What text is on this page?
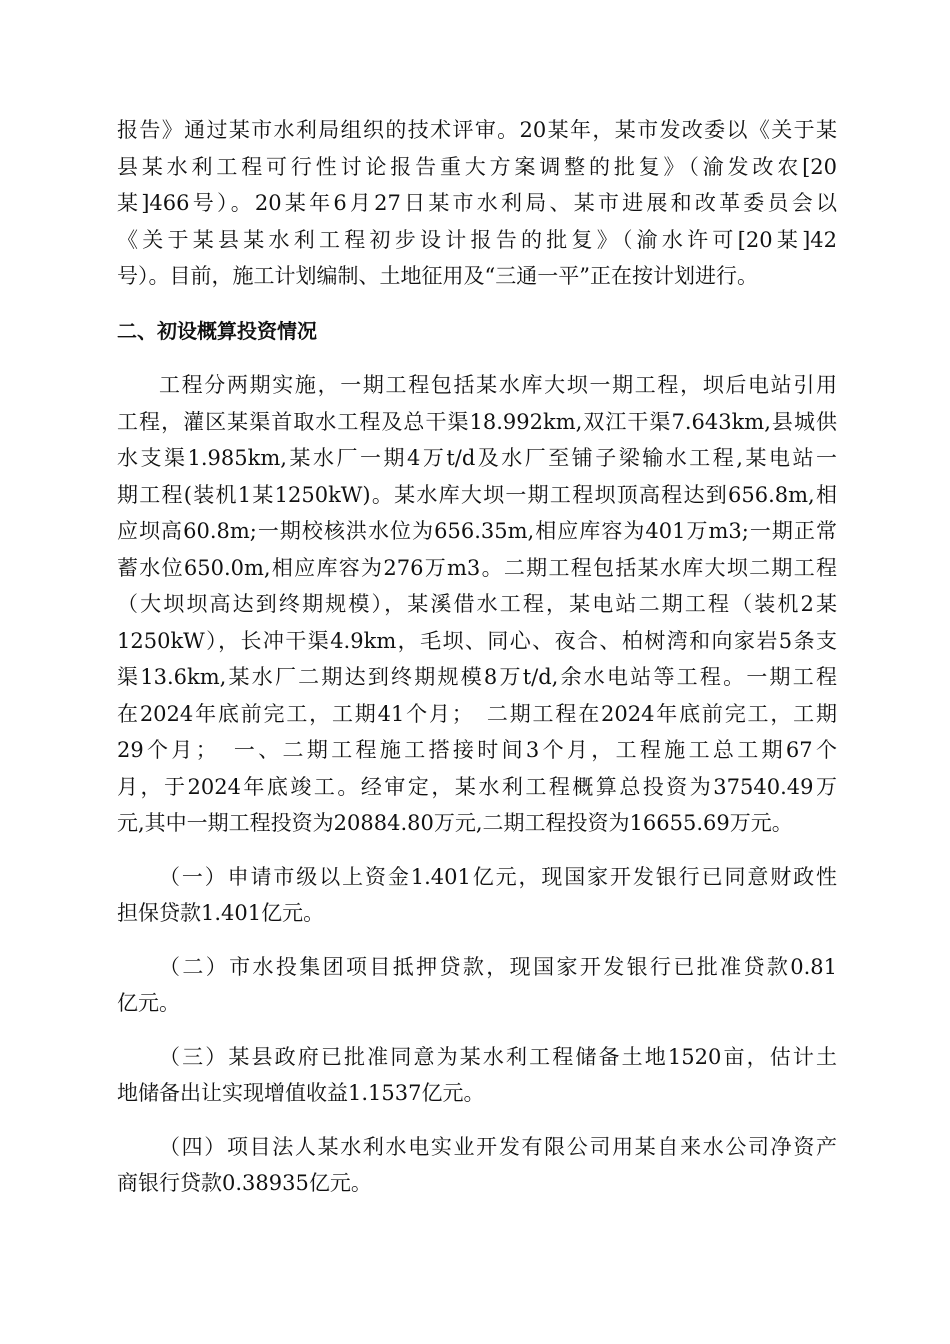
报告》通过某市水利局组织的技术评审。20某年，某市发改委以《关于某
县某水利工程可行性讨论报告重大方案调整的批复》（渝发改农[20
某]466号）。20某年6月27日某市水利局、某市进展和改革委员会以
《关于某县某水利工程初步设计报告的批复》（渝水许可[20某]42
号）。目前，施工计划编制、土地征用及“三通一平”正在按计划进行。
二、初设概算投资情况
工程分两期实施，一期工程包括某水库大坝一期工程，坝后电站引用
工程，灌区某渠首取水工程及总干渠18.992km,双江干渠7.643km,县城供
水支渠1.985km,某水厂一期4万t/d及水厂至铺子梁输水工程,某电站一
期工程(装机1某1250kW)。某水库大坝一期工程坝顶高程达到656.8m,相
应坝高60.8m;一期校核洪水位为656.35m,相应库容为401万m3;一期正常
蓄水位650.0m,相应库容为276万m3。二期工程包括某水库大坝二期工程
（大坝坝高达到终期规模），某溪借水工程，某电站二期工程（装机2某
1250kW），长冲干渠4.9km，毛坝、同心、夜合、柏树湾和向家岩5条支
渠13.6km,某水厂二期达到终期规模8万t/d,余水电站等工程。一期工程
在2024年底前完工，工期41个月；　二期工程在2024年底前完工，工期
29个月；　一、二期工程施工搭接时间3个月，工程施工总工期67个
月，于2024年底竣工。经审定，某水利工程概算总投资为37540.49万
元,其中一期工程投资为20884.80万元,二期工程投资为16655.69万元。
（一）申请市级以上资金1.401亿元，现国家开发银行已同意财政性
担保贷款1.401亿元。
（二）市水投集团项目抵押贷款，现国家开发银行已批准贷款0.81
亿元。
（三）某县政府已批准同意为某水利工程储备土地1520亩，估计土
地储备出让实现增值收益1.1537亿元。
（四）项目法人某水利水电实业开发有限公司用某自来水公司净资产
商银行贷款0.38935亿元。
